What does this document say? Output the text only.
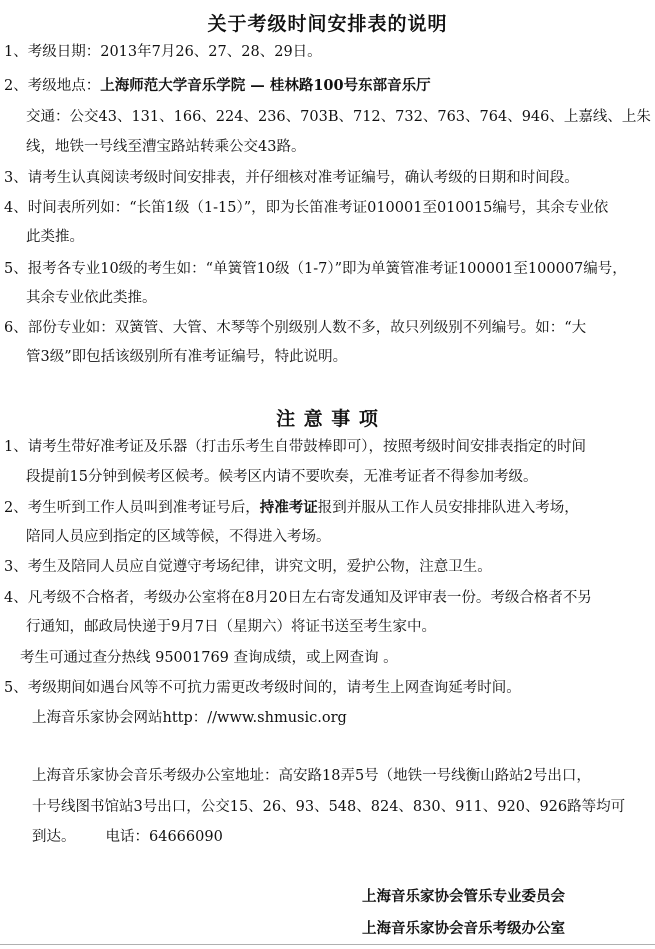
关于考级时间安排表的说明
1、考级日期：2013年7月26、27、28、29日。
2、考级地点：上海师范大学音乐学院 — 桂林路100号东部音乐厅
交通：公交43、131、166、224、236、703B、712、732、763、764、946、上嘉线、上朱
线，地铁一号线至漕宝路站转乘公交43路。
3、请考生认真阅读考级时间安排表，并仔细核对准考证编号，确认考级的日期和时间段。
4、时间表所列如：“长笛1级（1-15）”，即为长笛准考证010001至010015编号，其余专业依
此类推。
5、报考各专业10级的考生如：“单簧管10级（1-7）”即为单簧管准考证100001至100007编号，
其余专业依此类推。
6、部份专业如：双簧管、大管、木琴等个别级别人数不多，故只列级别不列编号。如：“大
管3级”即包括该级别所有准考证编号，特此说明。
注 意 事 项
1、请考生带好准考证及乐器（打击乐考生自带鼓棒即可），按照考级时间安排表指定的时间
段提前15分钟到候考区候考。候考区内请不要吹奏，无准考证者不得参加考级。
2、考生听到工作人员叫到准考证号后，持准考证报到并服从工作人员安排排队进入考场，
陪同人员应到指定的区域等候，不得进入考场。
3、考生及陪同人员应自觉遵守考场纪律，讲究文明，爱护公物，注意卫生。
4、凡考级不合格者，考级办公室将在8月20日左右寄发通知及评审表一份。考级合格者不另
行通知，邮政局快递于9月7日（星期六）将证书送至考生家中。
考生可通过查分热线 95001769 查询成绩，或上网查询 。
5、考级期间如遇台风等不可抗力需更改考级时间的，请考生上网查询延考时间。
上海音乐家协会网站http：//www.shmusic.org
上海音乐家协会音乐考级办公室地址：高安路18弄5号（地铁一号线衡山路站2号出口，
十号线图书馆站3号出口，公交15、26、93、548、824、830、911、920、926路等均可
到达。 电话：64666090
上海音乐家协会管乐专业委员会
上海音乐家协会音乐考级办公室
